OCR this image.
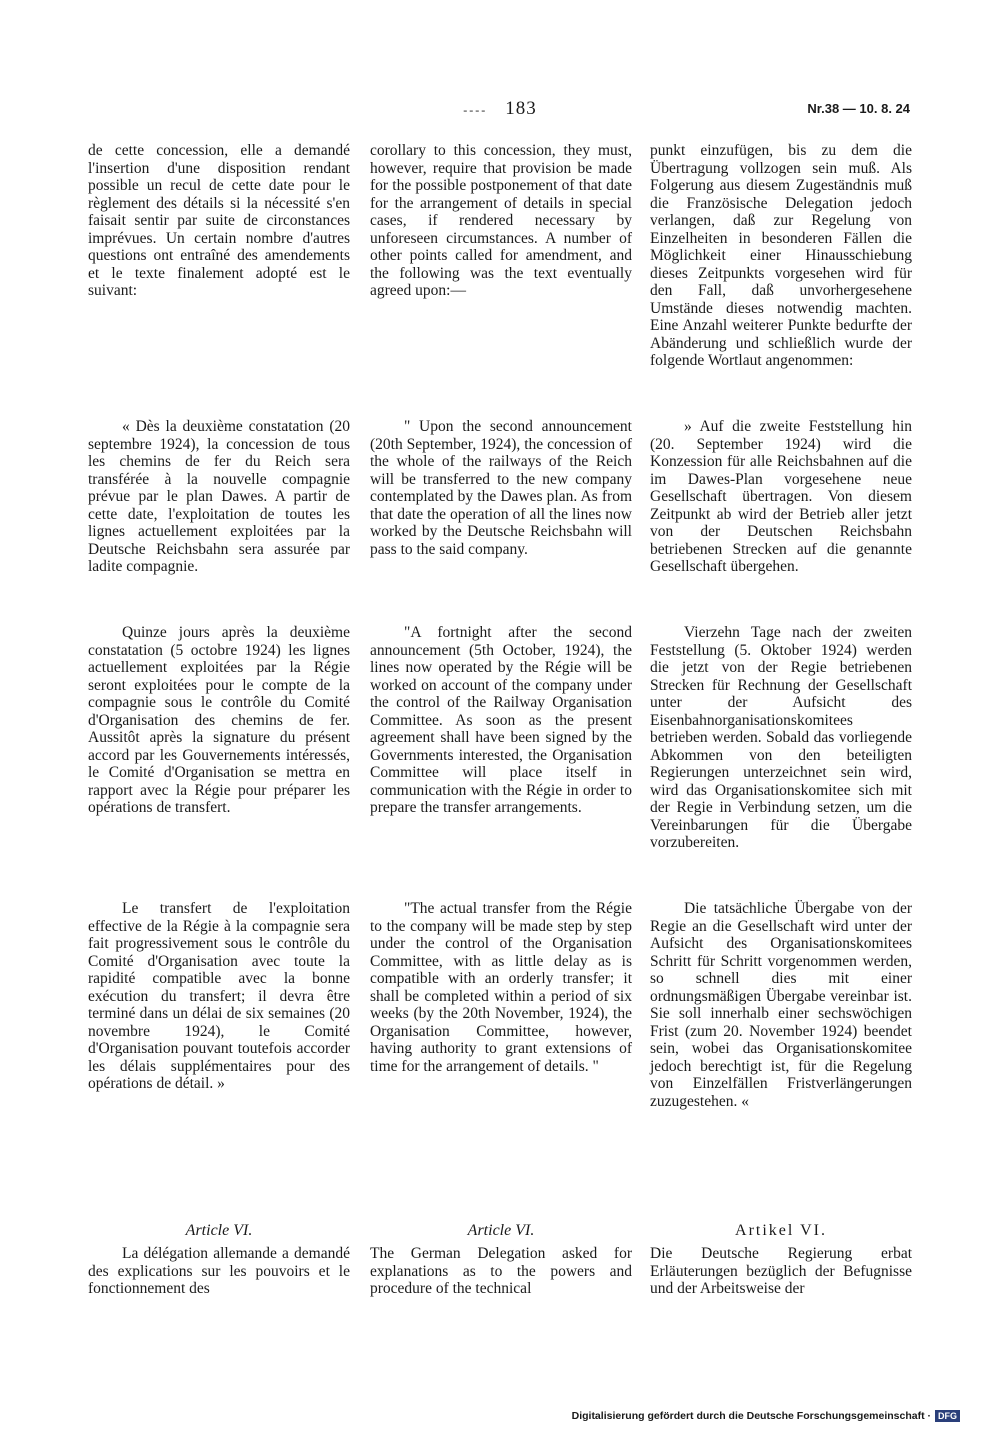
---- 183	Nr.38 — 10. 8. 24

de cette concession, elle a demandé l'insertion d'une disposition rendant possible un recul de cette date pour le règlement des détails si la nécessité s'en faisait sentir par suite de circonstances imprévues. Un certain nombre d'autres questions ont entraîné des amendements et le texte finalement adopté est le suivant:

corollary to this concession, they must, however, require that provision be made for the possible postponement of that date for the arrangement of details in special cases, if rendered necessary by unforeseen circumstances. A number of other points called for amendment, and the following was the text eventually agreed upon:—

punkt einzufügen, bis zu dem die Übertragung vollzogen sein muß. Als Folgerung aus diesem Zugeständnis muß die Französische Delegation jedoch verlangen, daß zur Regelung von Einzelheiten in besonderen Fällen die Möglichkeit einer Hinausschiebung dieses Zeitpunkts vorgesehen wird für den Fall, daß unvorhergesehene Umstände dieses notwendig machten. Eine Anzahl weiterer Punkte bedurfte der Abänderung und schließlich wurde der folgende Wortlaut angenommen:

« Dès la deuxième constatation (20 septembre 1924), la concession de tous les chemins de fer du Reich sera transférée à la nouvelle compagnie prévue par le plan Dawes. A partir de cette date, l'exploitation de toutes les lignes actuellement exploitées par la Deutsche Reichsbahn sera assurée par ladite compagnie.

" Upon the second announcement (20th September, 1924), the concession of the whole of the railways of the Reich will be transferred to the new company contemplated by the Dawes plan. As from that date the operation of all the lines now worked by the Deutsche Reichsbahn will pass to the said company.

» Auf die zweite Feststellung hin (20. September 1924) wird die Konzession für alle Reichsbahnen auf die im Dawes-Plan vorgesehene neue Gesellschaft übertragen. Von diesem Zeitpunkt ab wird der Betrieb aller jetzt von der Deutschen Reichsbahn betriebenen Strecken auf die genannte Gesellschaft übergehen.

Quinze jours après la deuxième constatation (5 octobre 1924) les lignes actuellement exploitées par la Régie seront exploitées pour le compte de la compagnie sous le contrôle du Comité d'Organisation des chemins de fer. Aussitôt après la signature du présent accord par les Gouvernements intéressés, le Comité d'Organisation se mettra en rapport avec la Régie pour préparer les opérations de transfert.

"A fortnight after the second announcement (5th October, 1924), the lines now operated by the Régie will be worked on account of the company under the control of the Railway Organisation Committee. As soon as the present agreement shall have been signed by the Governments interested, the Organisation Committee will place itself in communication with the Régie in order to prepare the transfer arrangements.

Vierzehn Tage nach der zweiten Feststellung (5. Oktober 1924) werden die jetzt von der Regie betriebenen Strecken für Rechnung der Gesellschaft unter der Aufsicht des Eisenbahnorganisationskomitees betrieben werden. Sobald das vorliegende Abkommen von den beteiligten Regierungen unterzeichnet sein wird, wird das Organisationskomitee sich mit der Regie in Verbindung setzen, um die Vereinbarungen für die Übergabe vorzubereiten.

Le transfert de l'exploitation effective de la Régie à la compagnie sera fait progressivement sous le contrôle du Comité d'Organisation avec toute la rapidité compatible avec la bonne exécution du transfert; il devra être terminé dans un délai de six semaines (20 novembre 1924), le Comité d'Organisation pouvant toutefois accorder les délais supplémentaires pour des opérations de détail. »

"The actual transfer from the Régie to the company will be made step by step under the control of the Organisation Committee, with as little delay as is compatible with an orderly transfer; it shall be completed within a period of six weeks (by the 20th November, 1924), the Organisation Committee, however, having authority to grant extensions of time for the arrangement of details. "

Die tatsächliche Übergabe von der Regie an die Gesellschaft wird unter der Aufsicht des Organisationskomitees Schritt für Schritt vorgenommen werden, so schnell dies mit einer ordnungsmäßigen Übergabe vereinbar ist. Sie soll innerhalb einer sechswöchigen Frist (zum 20. November 1924) beendet sein, wobei das Organisationskomitee jedoch berechtigt ist, für die Regelung von Einzelfällen Fristverlängerungen zuzugestehen. «

Article VI.	Article VI.	Artikel VI.

La délégation allemande a demandé des explications sur les pouvoirs et le fonctionnement des

The German Delegation asked for explanations as to the powers and procedure of the technical

Die Deutsche Regierung erbat Erläuterungen bezüglich der Befugnisse und der Arbeitsweise der

Digitalisierung gefördert durch die Deutsche Forschungsgemeinschaft · DFG
